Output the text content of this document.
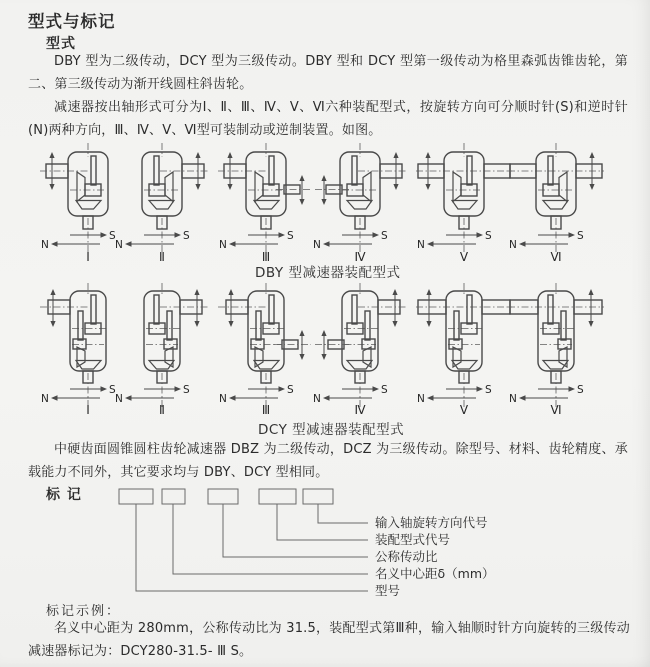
型式与标记
型式

DBY 型为二级传动，DCY 型为三级传动。DBY 型和 DCY 型第一级传动为格里森弧齿锥齿轮，第二、第三级传动为渐开线圆柱斜齿轮。

减速器按出轴形式可分为Ⅰ、Ⅱ、Ⅲ、Ⅳ、Ⅴ、Ⅵ六种装配型式，按旋转方向可分顺时针(S)和逆时针(N)两种方向，Ⅲ、Ⅳ、Ⅴ、Ⅵ型可装制动或逆制装置。如图。

S
N
Ⅰ
S
N
Ⅱ
S
N
Ⅲ
S
N
Ⅳ
S
N
Ⅴ
S
N
Ⅵ
DBY 型减速器装配型式
S
N
Ⅰ
S
N
Ⅱ
S
N
Ⅲ
S
N
Ⅳ
S
N
Ⅴ
S
N
Ⅵ
DCY 型减速器装配型式

中硬齿面圆锥圆柱齿轮减速器 DBZ 为二级传动，DCZ 为三级传动。除型号、材料、齿轮精度、承载能力不同外，其它要求均与 DBY、DCY 型相同。

标 记
输入轴旋转方向代号
装配型式代号
公称传动比
名义中心距δ（mm）
型号
标记示例：

名义中心距为 280mm，公称传动比为 31.5，装配型式第Ⅲ种，输入轴顺时针方向旋转的三级传动减速器标记为：DCY280-31.5- Ⅲ S。
